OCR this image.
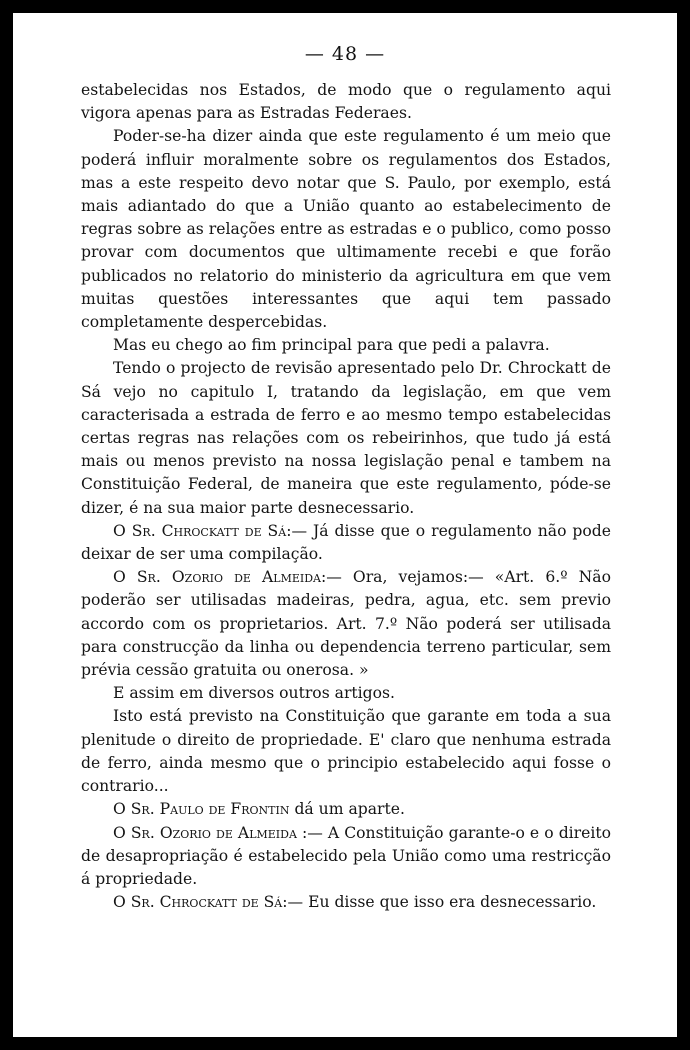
— 48 —

estabelecidas nos Estados, de modo que o regulamento aqui vigora apenas para as Estradas Federaes.

Poder-se-ha dizer ainda que este regulamento é um meio que poderá influir moralmente sobre os regulamentos dos Estados, mas a este respeito devo notar que S. Paulo, por exemplo, está mais adiantado do que a União quanto ao estabelecimento de regras sobre as relações entre as estradas e o publico, como posso provar com documentos que ultimamente recebi e que forão publicados no relatorio do ministerio da agricultura em que vem muitas questões interessantes que aqui tem passado completamente despercebidas.

Mas eu chego ao fim principal para que pedi a palavra.

Tendo o projecto de revisão apresentado pelo Dr. Chrockatt de Sá vejo no capitulo I, tratando da legislação, em que vem caracterisada a estrada de ferro e ao mesmo tempo estabelecidas certas regras nas relações com os rebeirinhos, que tudo já está mais ou menos previsto na nossa legislação penal e tambem na Constituição Federal, de maneira que este regulamento, póde-se dizer, é na sua maior parte desnecessario.

O Sr. Chrockatt de Sá:— Já disse que o regulamento não pode deixar de ser uma compilação.

O Sr. Ozorio de Almeida:— Ora, vejamos:— «Art. 6.º Não poderão ser utilisadas madeiras, pedra, agua, etc. sem previo accordo com os proprietarios. Art. 7.º Não poderá ser utilisada para construcção da linha ou dependencia terreno particular, sem prévia cessão gratuita ou onerosa. »

E assim em diversos outros artigos.

Isto está previsto na Constituição que garante em toda a sua plenitude o direito de propriedade. E' claro que nenhuma estrada de ferro, ainda mesmo que o principio estabelecido aqui fosse o contrario...

O Sr. Paulo de Frontin dá um aparte.

O Sr. Ozorio de Almeida :— A Constituição garante-o e o direito de desapropriação é estabelecido pela União como uma restricção á propriedade.

O Sr. Chrockatt de Sá:— Eu disse que isso era desnecessario.
